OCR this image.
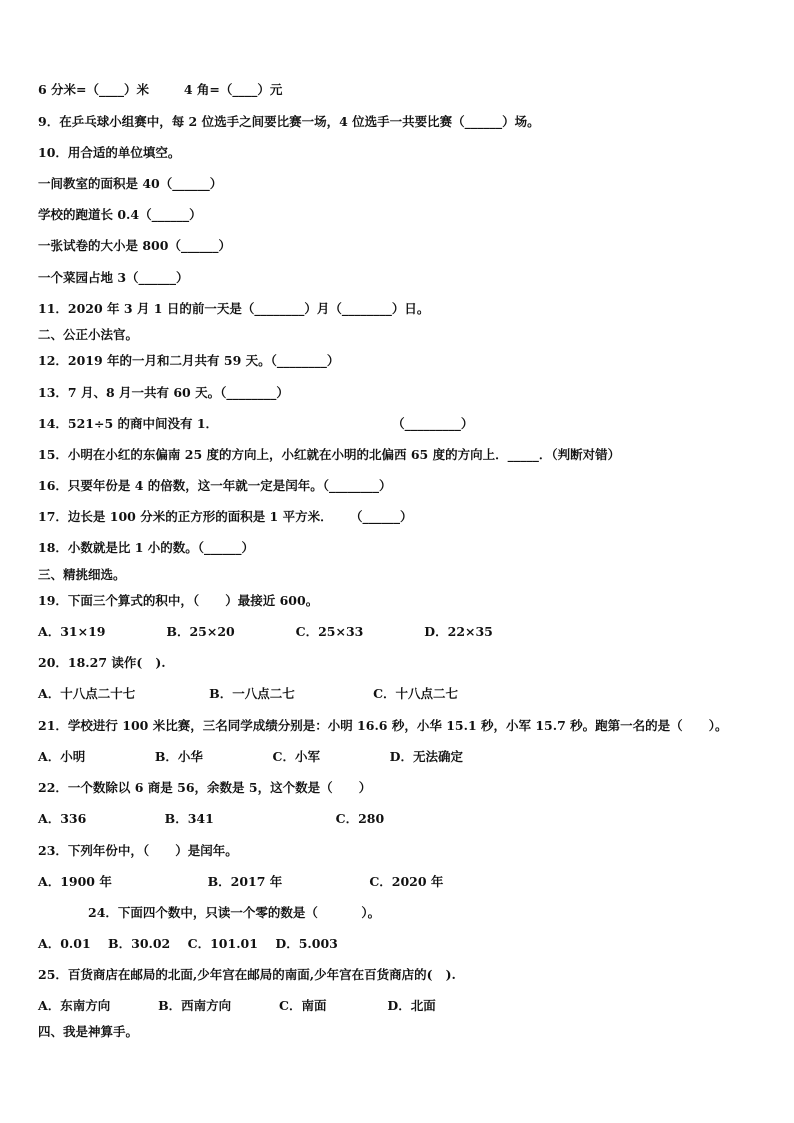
6 分米=（____）米        4 角=（____）元

9．在乒乓球小组赛中，每 2 位选手之间要比赛一场，4 位选手一共要比赛（______）场。

10．用合适的单位填空。

一间教室的面积是 40（______）

学校的跑道长 0.4（______）

一张试卷的大小是 800（______）

一个菜园占地 3（______）

11．2020 年 3 月 1 日的前一天是（________）月（________）日。

二、公正小法官。

12．2019 年的一月和二月共有 59 天。（________）

13．7 月、8 月一共有 60 天。（________）

14．521÷5 的商中间没有 1．                                        （_________）

15．小明在小红的东偏南 25 度的方向上，小红就在小明的北偏西 65 度的方向上．_____．（判断对错）

16．只要年份是 4 的倍数，这一年就一定是闰年。（________）

17．边长是 100 分米的正方形的面积是 1 平方米．    （______）

18．小数就是比 1 小的数。（______）

三、精挑细选。

19．下面三个算式的积中，（      ）最接近 600。

A．31×19              B．25×20              C．25×33              D．22×35

20．18.27 读作(   ).

A．十八点二十七                 B．一八点二七                  C．十八点二七

21．学校进行 100 米比赛，三名同学成绩分别是：小明 16.6 秒，小华 15.1 秒，小军 15.7 秒。跑第一名的是（      ）。

A．小明                B．小华                C．小军                D．无法确定

22．一个数除以 6 商是 56，余数是 5，这个数是（      ）

A．336                  B．341                            C．280

23．下列年份中，（      ）是闰年。

A．1900 年                      B．2017 年                    C．2020 年

24．下面四个数中，只读一个零的数是（          ）。

A．0.01    B．30.02    C．101.01    D．5.003

25．百货商店在邮局的北面,少年宫在邮局的南面,少年宫在百货商店的(   ).

A．东南方向           B．西南方向           C．南面              D．北面

四、我是神算手。
